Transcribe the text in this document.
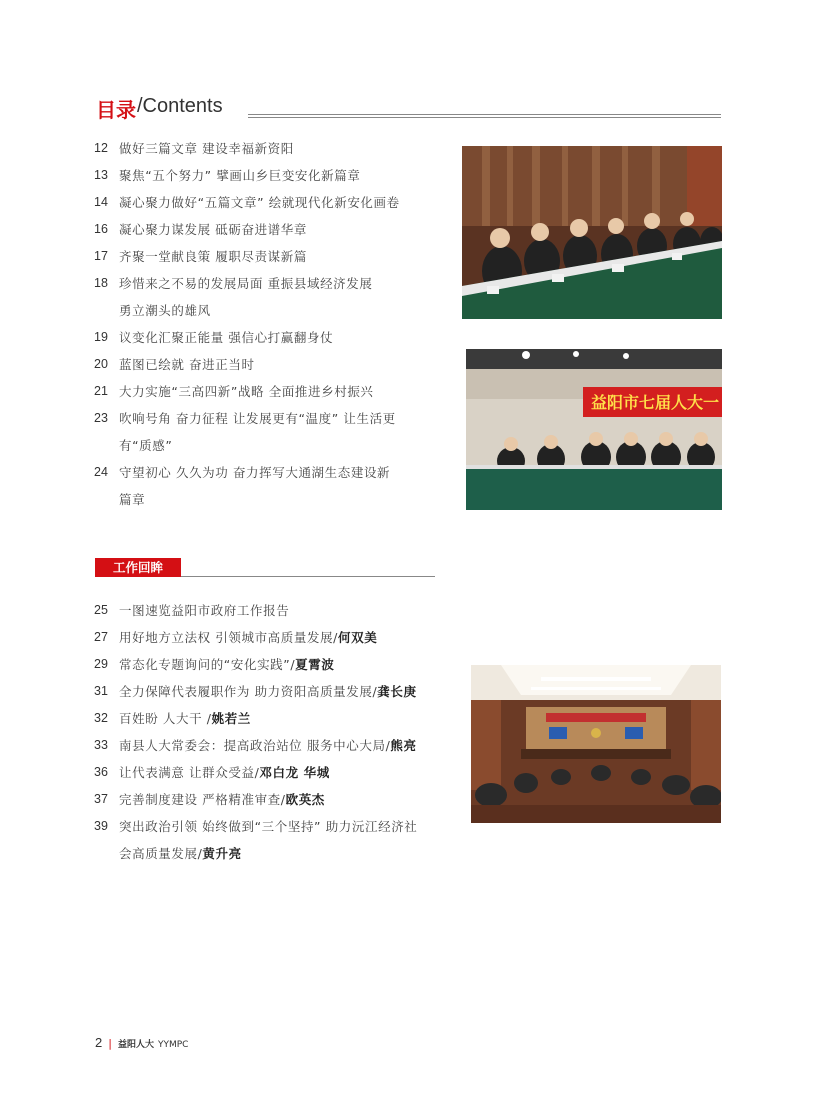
目录 /Contents
12 做好三篇文章 建设幸福新资阳
13 聚焦“五个努力” 擘画山乡巨变安化新篇章
14 凝心聚力做好“五篇文章” 绘就现代化新安化画卷
16 凝心聚力谋发展 砥砺奋进谱华章
17 齐聚一堂献良策 履职尽责谋新篇
18 珍惜来之不易的发展局面 重振县域经济发展
勇立潮头的雄风
19 议变化汇聚正能量 强信心打赢翻身仗
20 蓝图已绘就 奋进正当时
21 大力实施“三高四新”战略 全面推进乡村振兴
23 吹响号角 奋力征程 让发展更有“温度” 让生活更
有“质感”
24 守望初心 久久为功 奋力挥写大通湖生态建设新
篇章
工作回眸
25 一图速览益阳市政府工作报告
27 用好地方立法权 引领城市高质量发展/何双美
29 常态化专题询问的“安化实践”/夏霄波
31 全力保障代表履职作为 助力资阳高质量发展/龚长庚
32 百姓盼 人大干 /姚若兰
33 南县人大常委会：提高政治站位 服务中心大局/熊亮
36 让代表满意 让群众受益/邓白龙 华城
37 完善制度建设 严格精准审查/欧英杰
39 突出政治引领 始终做到“三个坚持” 助力沅江经济社
会高质量发展/黄升亮
益阳市七届人大一
2 | 益阳人大 YYMPC
